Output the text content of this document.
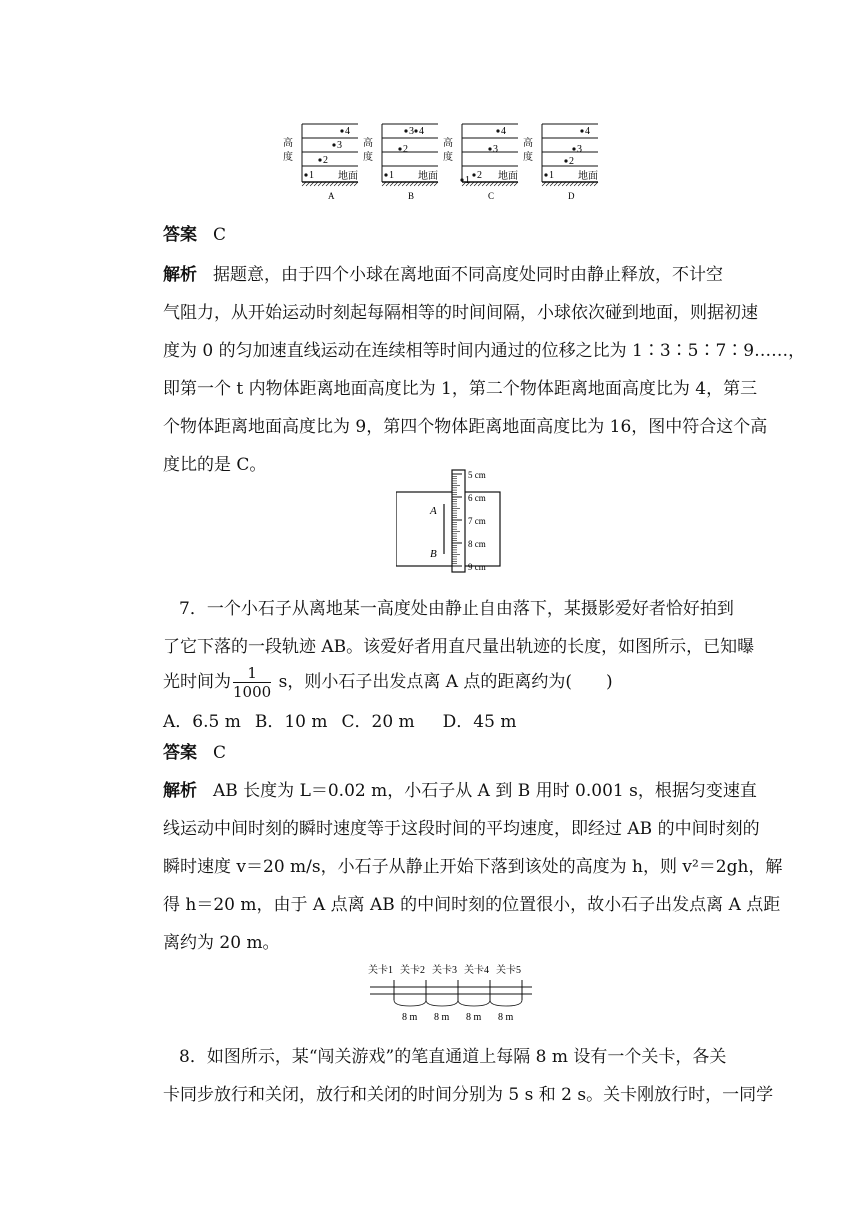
高
度
地面
4
3
2
1
A
高
度
地面
3 4
2
1
B
高
度
地面
4
3
1 2
C
高
度
地面
4
3
2
1
D
答案 C
解析 据题意，由于四个小球在离地面不同高度处同时由静止释放，不计空
气阻力，从开始运动时刻起每隔相等的时间间隔，小球依次碰到地面，则据初速
度为 0 的匀加速直线运动在连续相等时间内通过的位移之比为 1∶3∶5∶7∶9……，
即第一个 t 内物体距离地面高度比为 1，第二个物体距离地面高度比为 4，第三
个物体距离地面高度比为 9，第四个物体距离地面高度比为 16，图中符合这个高
度比的是 C。	5 cm
6 cm
7 cm
8 cm
9 cm
A
B
7．一个小石子从离地某一高度处由静止自由落下，某摄影爱好者恰好拍到
了它下落的一段轨迹 AB。该爱好者用直尺量出轨迹的长度，如图所示，已知曝
光时间为 $\frac{1}{1000}$ s，则小石子出发点离 A 点的距离约为(　　)
A．6.5 m B．10 m C．20 m D．45 m
答案 C
解析 AB 长度为 L＝0.02 m，小石子从 A 到 B 用时 0.001 s，根据匀变速直
线运动中间时刻的瞬时速度等于这段时间的平均速度，即经过 AB 的中间时刻的
瞬时速度 v＝20 m/s，小石子从静止开始下落到该处的高度为 h，则 v²＝2gh，解
得 h＝20 m，由于 A 点离 AB 的中间时刻的位置很小，故小石子出发点离 A 点距
离约为 20 m。
关卡1 关卡2 关卡3 关卡4 关卡5
8 m 8 m 8 m 8 m
8．如图所示，某“闯关游戏”的笔直通道上每隔 8 m 设有一个关卡，各关
卡同步放行和关闭，放行和关闭的时间分别为 5 s 和 2 s。关卡刚放行时，一同学
